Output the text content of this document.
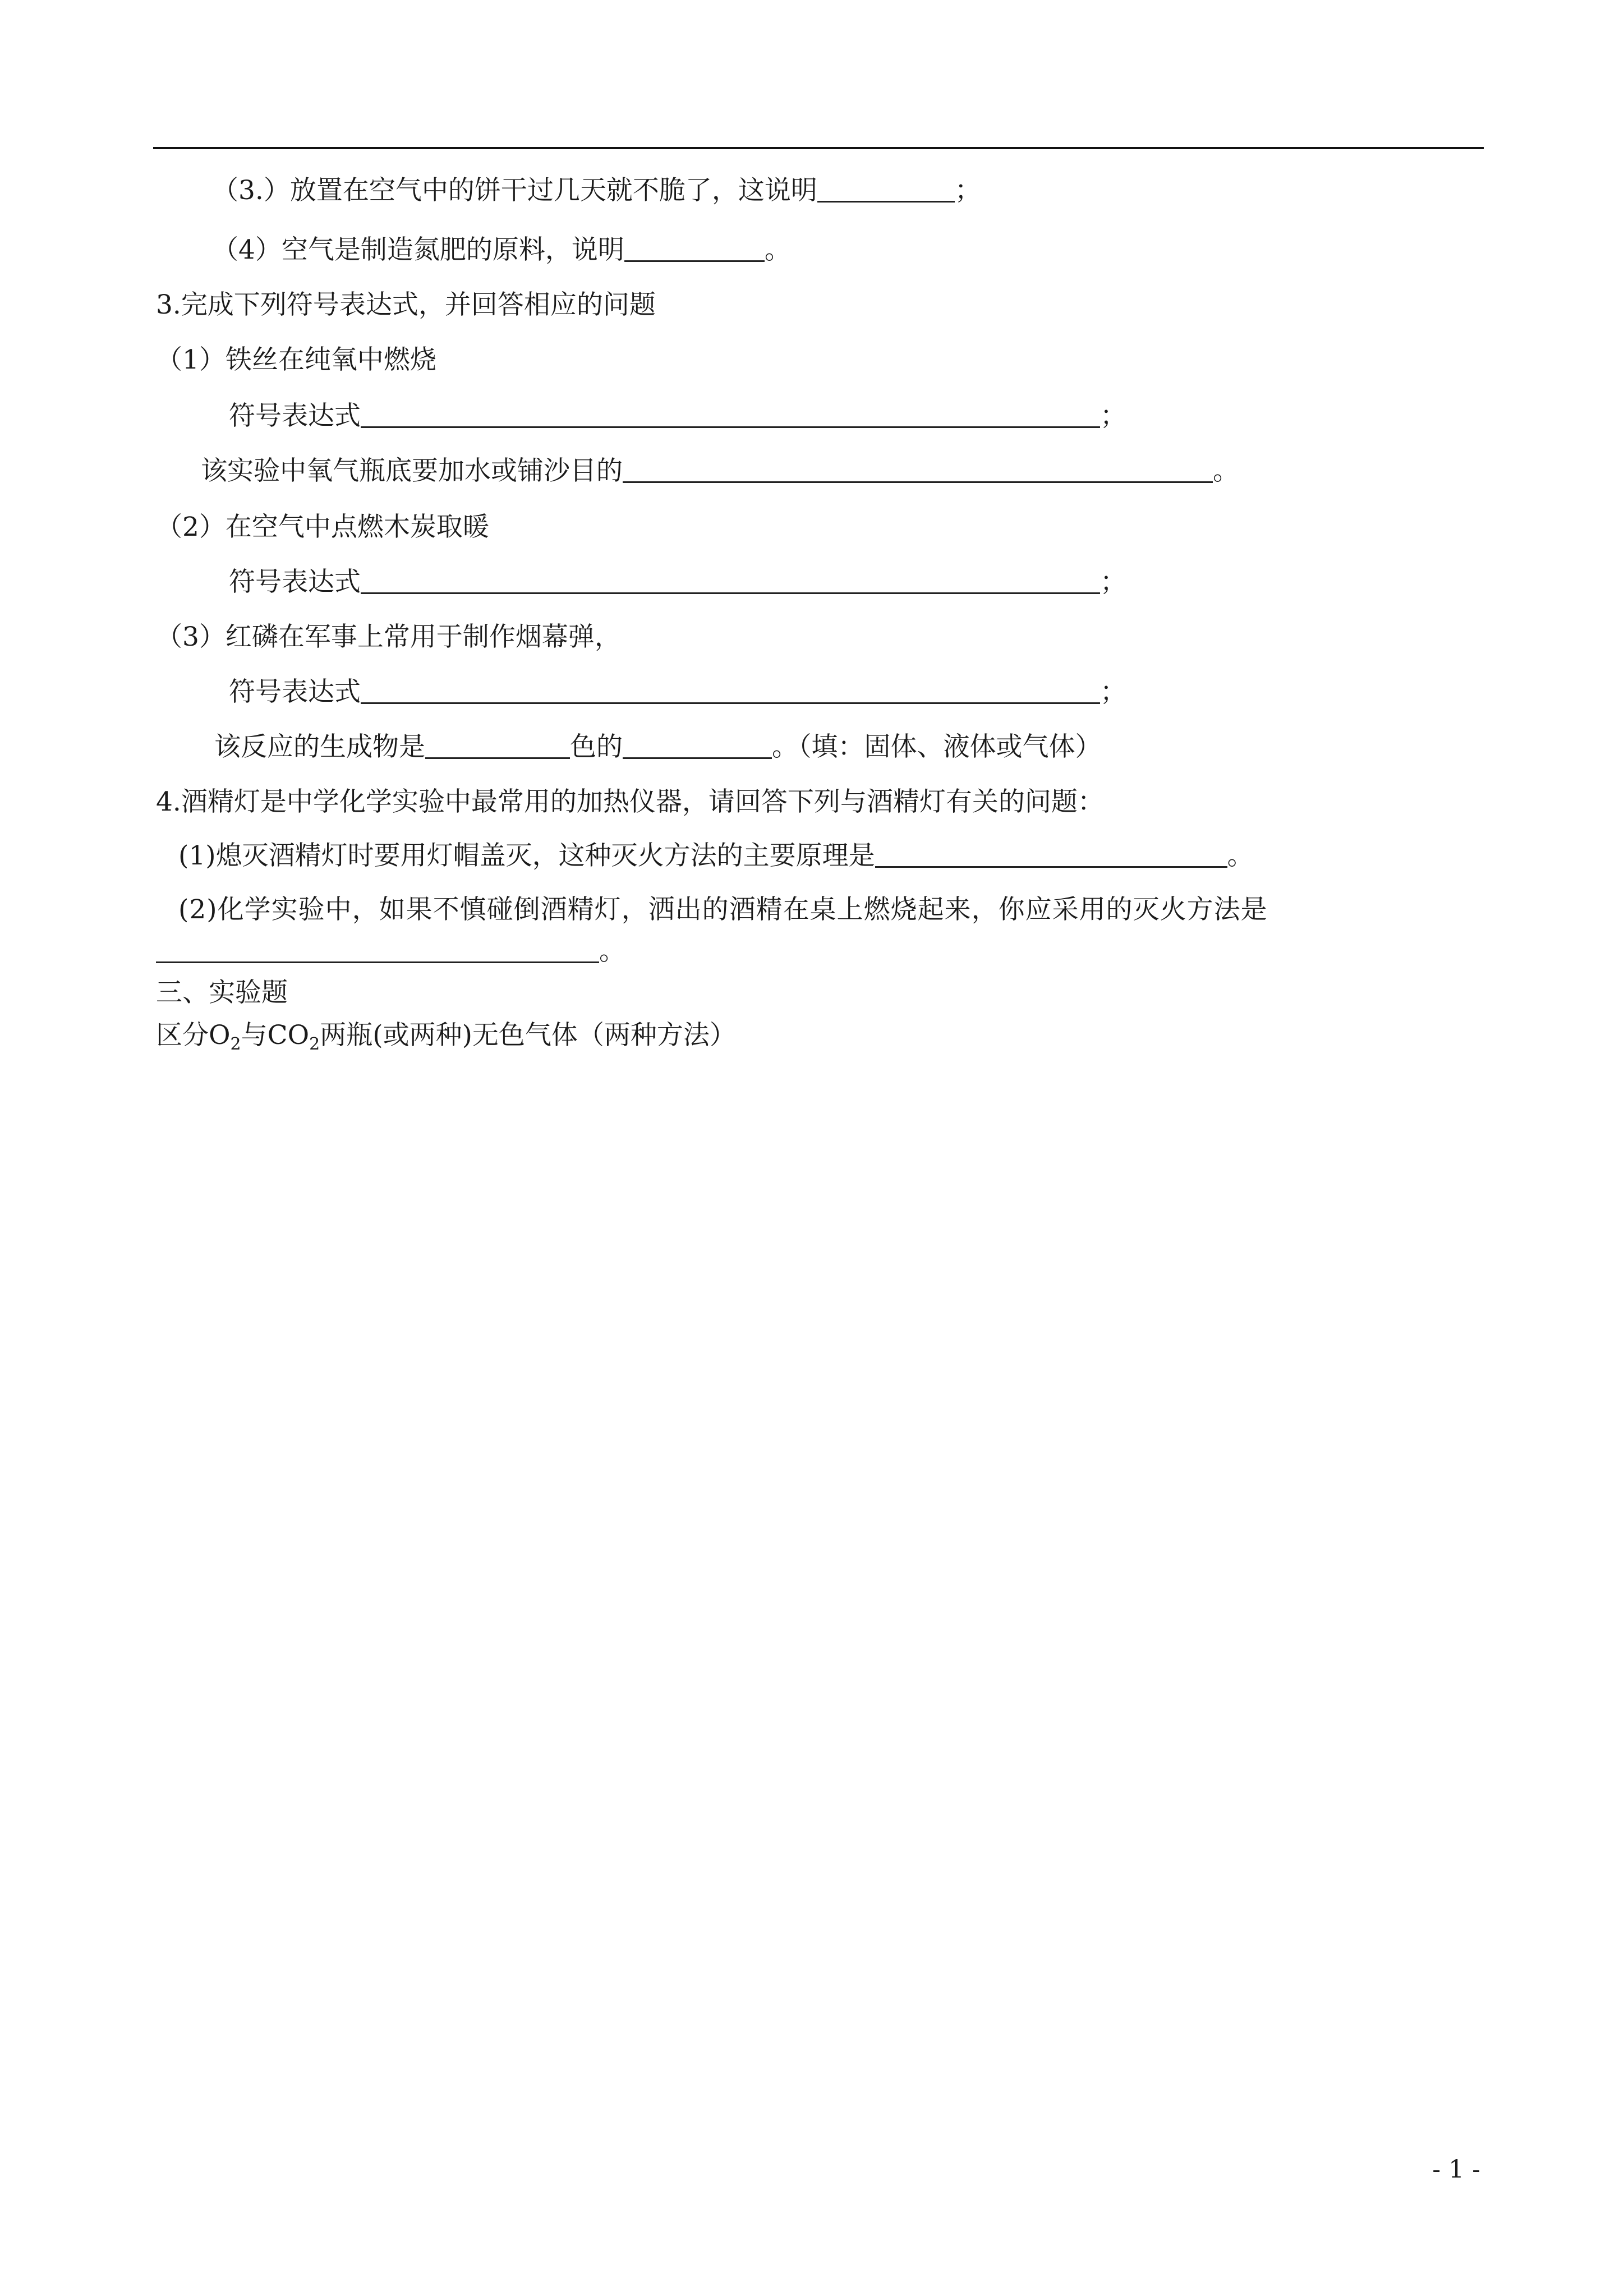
（3.）放置在空气中的饼干过几天就不脆了，这说明	；
（4）空气是制造氮肥的原料，说明	。
3.完成下列符号表达式，并回答相应的问题
（1）铁丝在纯氧中燃烧
符号表达式	；
该实验中氧气瓶底要加水或铺沙目的	。
（2）在空气中点燃木炭取暖
符号表达式	；
（3）红磷在军事上常用于制作烟幕弹，
符号表达式	；
该反应的生成物是	色的	。（填：固体、液体或气体）
4.酒精灯是中学化学实验中最常用的加热仪器，请回答下列与酒精灯有关的问题：
(1)熄灭酒精灯时要用灯帽盖灭，这种灭火方法的主要原理是	。
(2)化学实验中，如果不慎碰倒酒精灯，洒出的酒精在桌上燃烧起来，你应采用的灭火方法是
。
三、实验题
区分$O_2$与$CO_2$两瓶(或两种)无色气体（两种方法）
- 1 -
